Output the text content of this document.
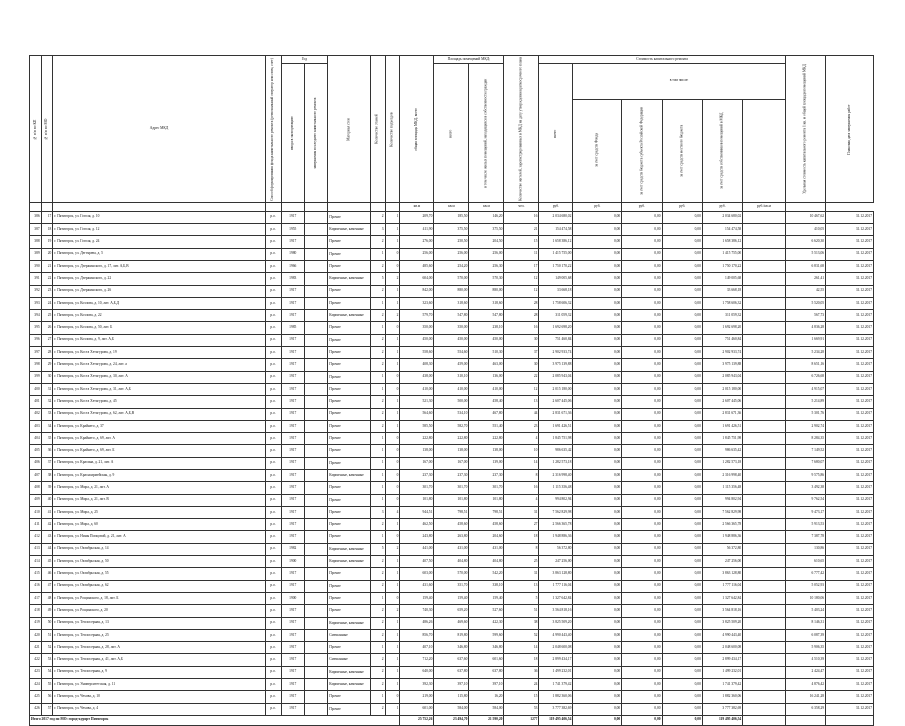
№ п/п по КП	№ п/п по МО	Адрес МКД	Способ формирования фонда капитального ремонта (региональный оператор или спец. счет)	Год		Материал стен	Количество этажей	Количество подъездов	общая площадь МКД, всего	Площадь помещений МКД:		Количество жителей, зарегистрированных в МКД на дату утверждения краткосрочного плана	Стоимость капитального ремонта						Удельная стоимость капитального ремонта 1 кв. м общей площади помещений МКД	Плановая дата завершения работ
				ввода в эксплуатацию	завершения последнего капитального ремонта					всего	в том числе жилых помещений, находящихся в собственности граждан		всего	в том числе:						
														за счет средств Фонда	за счет средств бюджета субъекта Российской Федерации	за счет средств местного бюджета	за счет средств собственников помещений в МКД			
									кв.м	кв.м	кв.м	чел.	руб.	руб.	руб.	руб.	руб.	руб./кв.м		
386	17	г. Пятигорск, ул. Гоголя, д. 10	р.о.	1917		Прочие	2	1	209,70	185,50	146,20	16	2 034 680,02	0,00	0,00	0,00	2 034 680,02		10 467,62	31.12.2017
387	18	г. Пятигорск, ул. Гоголя, д. 12	р.о.	1955		Кирпичные, каменные	3	1	411,90	375,50	375,50	21	154 474,58	0,00	0,00	0,00	154 474,58		410,05	31.12.2017
388	19	г. Пятигорск, ул. Гоголя, д. 24	р.о.	1917		Прочие	2	1	276,00	250,50	204,50	15	1 658 386,12	0,00	0,00	0,00	1 658 386,12		6 620,30	31.12.2017
389	20	г. Пятигорск, ул. Дегтярева, д. 5	р.о.	1980		Прочие	1	0	256,00	256,00	256,00	11	1 415 755,00	0,00	0,00	0,00	1 415 755,00		5 513,06	31.12.2017
390	21	г. Пятигорск, ул. Дзержинского, д. 17, лит. А,Б,В	р.о.	1966		Прочие	2	0	485,60	254,20	256,30	17	1 750 170,22	0,00	0,00	0,00	1 750 170,22		6 831,68	31.12.2017
391	22	г. Пятигорск, ул. Дзержинского, д. 22	р.о.	1983		Кирпичные, каменные	5	2	604,00	570,00	570,30	12	149 005,68	0,00	0,00	0,00	149 005,68		261,41	31.12.2017
392	23	г. Пятигорск, ул. Дзержинского, д. 26	р.о.	1917		Прочие	2	1	842,00	880,00	880,00	12	33 668,18	0,00	0,00	0,00	33 668,18		42,55	31.12.2017
393	24	г. Пятигорск, ул. Козлова, д. 10, лит. А,Б,Д	р.о.	1917		Прочие	1	1	323,60	318,60	318,60	28	1 758 606,32	0,00	0,00	0,00	1 758 606,32		5 520,05	31.12.2017
394	25	г. Пятигорск, ул. Козлова, д. 22	р.о.	1917		Кирпичные, каменные	2	2	579,70	547,80	547,80	28	311 059,32	0,00	0,00	0,00	311 059,32		567,73	31.12.2017
395	26	г. Пятигорск, ул. Козлова, д. 50, лит. Б	р.о.	1985		Прочие	1	0	350,00	350,00	238,10	16	1 692 698,20	0,00	0,00	0,00	1 692 698,20		4 836,28	31.12.2017
396	27	г. Пятигорск, ул. Козлова, д. 9, лит. А,Б	р.о.	1917		Прочие	2	1	450,00	450,00	450,00	30	751 460,84	0,00	0,00	0,00	751 460,84		1 669,91	31.12.2017
397	28	г. Пятигорск, ул. Коста Хетагурова, д. 19	р.о.	1917		Прочие	2	1	558,60	554,60	510,30	37	2 902 933,74	0,00	0,00	0,00	2 902 933,74		5 234,28	31.12.2017
398	29	г. Пятигорск, ул. Коста Хетагурова, д. 24, лит. а	р.о.	1917		Прочие	2	1	408,30	459,00	463,00	30	3 975 139,88	0,00	0,00	0,00	3 975 139,88		8 651,16	31.12.2017
399	30	г. Пятигорск, ул. Коста Хетагурова, д. 30, лит. А	р.о.	1917		Прочие	1	0	438,00	310,10	136,00	22	2 085 943,04	0,00	0,00	0,00	2 085 943,04		6 726,68	31.12.2017
400	31	г. Пятигорск, ул. Коста Хетагурова, д. 31, лит. А,Б	р.о.	1917		Прочие	1	0	410,00	410,00	410,00	12	2 015 180,00	0,00	0,00	0,00	2 015 180,00		4 915,07	31.12.2017
401	32	г. Пятигорск, ул. Коста Хетагурова, д. 45	р.о.	1917		Прочие	2	1	521,30	500,00	458,40	13	2 607 445,06	0,00	0,00	0,00	2 607 445,06		5 214,89	31.12.2017
402	33	г. Пятигорск, ул. Коста Хетагурова, д. 62, лит. А,Б,В	р.о.	1917		Прочие	2	1	564,60	534,10	467,80	44	2 831 671,36	0,00	0,00	0,00	2 831 671,36		5 301,76	31.12.2017
403	34	г. Пятигорск, ул. Крайнего, д. 37	р.о.	1917		Прочие	2	1	585,50	582,70	551,40	23	1 691 426,51	0,00	0,00	0,00	1 691 426,51		2 902,74	31.12.2017
404	35	г. Пятигорск, ул. Крайнего, д. 69, лит. А	р.о.	1917		Прочие	1	0	222,80	222,80	222,80	4	1 845 751,98	0,00	0,00	0,00	1 845 751,98		8 284,35	31.12.2017
405	36	г. Пятигорск, ул. Крайнего, д. 69, лит. Б	р.о.	1917		Прочие	1	0	138,00	138,00	138,00	10	986 635,42	0,00	0,00	0,00	986 635,42		7 149,52	31.12.2017
406	37	г. Пятигорск, ул. Красина, д. 21, лит. А	р.о.	1917		Прочие	1	0	167,00	167,00	139,00	14	1 282 573,18	0,00	0,00	0,00	1 282 573,18		7 680,07	31.12.2017
407	38	г. Пятигорск, ул. Красноармейская, д. 9	р.о.	1917		Кирпичные, каменные	1	0	237,30	237,30	237,30	8	2 316 998,40	0,00	0,00	0,00	2 316 998,40		9 575,86	31.12.2017
408	39	г. Пятигорск, ул. Мира, д. 21, лит. А	р.о.	1917		Прочие	1	0	301,70	301,70	301,70	16	1 115 356,48	0,00	0,00	0,00	1 115 356,48		3 492,38	31.12.2017
409	40	г. Пятигорск, ул. Мира, д. 21, лит. В	р.о.	1917		Прочие	1	0	101,80	101,80	101,80	4	994 802,94	0,00	0,00	0,00	994 802,94		9 762,54	31.12.2017
410	41	г. Пятигорск, ул. Мира, д. 25	р.о.	1917		Прочие	3	4	944,51	798,51	798,51	31	7 562 829,98	0,00	0,00	0,00	7 562 829,98		9 473,17	31.12.2017
411	42	г. Пятигорск, ул. Мира, д. 60	р.о.	1917		Прочие	2	1	462,50	458,60	458,60	27	2 566 365,78	0,00	0,00	0,00	2 566 365,78		5 913,53	31.12.2017
412	43	г. Пятигорск, ул. Нины Попцовой, д. 21, лит. А	р.о.	1917		Прочие	1	0	243,80	263,80	204,60	18	1 948 886,36	0,00	0,00	0,00	1 948 886,36		7 387,78	31.12.2017
413	44	г. Пятигорск, ул. Октябрьская, д. 14	р.о.	1982		Кирпичные, каменные	5	2	441,00	431,00	431,00	8	56 372,80	0,00	0,00	0,00	56 372,80		130,86	31.12.2017
414	45	г. Пятигорск, ул. Октябрьская, д. 50	р.о.	1900		Кирпичные, каменные	2	1	407,50	404,80	404,80	25	247 256,00	0,00	0,00	0,00	247 256,00		610,65	31.12.2017
415	46	г. Пятигорск, ул. Октябрьская, д. 55	р.о.	1917		Прочие	2	1	603,00	570,00	542,20	31	3 863 128,80	0,00	0,00	0,00	3 863 128,80		6 777,42	31.12.2017
416	47	г. Пятигорск, ул. Октябрьская, д. 62	р.о.	1917		Прочие	2	1	431,60	351,70	338,10	13	1 777 116,04	0,00	0,00	0,00	1 777 116,04		5 052,93	31.12.2017
417	48	г. Пятигорск, ул. Рощинского, д. 18, лит. Б	р.о.	1900		Прочие	1	0	159,40	159,40	159,40	5	1 327 642,84	0,00	0,00	0,00	1 327 642,84		10 180,06	31.12.2017
418	49	г. Пятигорск, ул. Рощинского, д. 20	р.о.	1917		Прочие	2	2	740,30	659,20	527,60	51	3 564 818,16	0,00	0,00	0,00	3 564 818,16		5 403,24	31.12.2017
419	50	г. Пятигорск, ул. Теплосерная, д. 13	р.о.	1917		Кирпичные, каменные	2	1	486,26	469,60	422,30	38	3 825 509,20	0,00	0,00	0,00	3 825 509,20		8 146,31	31.12.2017
420	51	г. Пятигорск, ул. Теплосерная, д. 25	р.о.	1917		Смешанные	2	1	856,70	819,80	599,60	52	4 990 443,40	0,00	0,00	0,00	4 990 443,40		6 087,39	31.12.2017
421	52	г. Пятигорск, ул. Теплосерная, д. 28, лит. А	р.о.	1917		Прочие	1	1	407,10	346,80	346,80	14	2 048 600,08	0,00	0,00	0,00	2 048 600,08		5 906,35	31.12.2017
422	53	г. Пятигорск, ул. Теплосерная, д. 41, лит. А,Б	р.о.	1917		Смешанные	2	1	712,20	637,60	601,60	18	2 899 434,17	0,00	0,00	0,00	2 899 434,17		4 510,39	31.12.2017
423	54	г. Пятигорск, ул. Теплосерная, д. 9	р.о.	1917		Кирпичные, каменные	2	1	640,00	637,80	637,80	36	1 499 232,01	0,00	0,00	0,00	1 499 232,01		2 424,47	31.12.2017
424	55	г. Пятигорск, ул. Университетская, д. 11	р.о.	1917		Кирпичные, каменные	2	1	392,30	397,10	397,10	24	1 741 379,42	0,00	0,00	0,00	1 741 379,42		4 876,42	31.12.2017
425	56	г. Пятигорск, ул. Чехова, д. 10	р.о.	1917		Прочие	1	0	219,00	115,80	16,20	15	1 882 360,06	0,00	0,00	0,00	1 882 360,06		16 241,28	31.12.2017
426	57	г. Пятигорск, ул. Чехова, д. 4	р.о.	1917		Прочие	2	1	601,00	584,00	584,00	53	3 777 382,69	0,00	0,00	0,00	3 777 382,69		6 358,29	31.12.2017
Итого 2017 год по МО: город-курорт Пятигорск									25 752,26	23 494,70	21 590,20	1277	119 495 406,54	0,00	0,00	0,00	119 495 406,54			
